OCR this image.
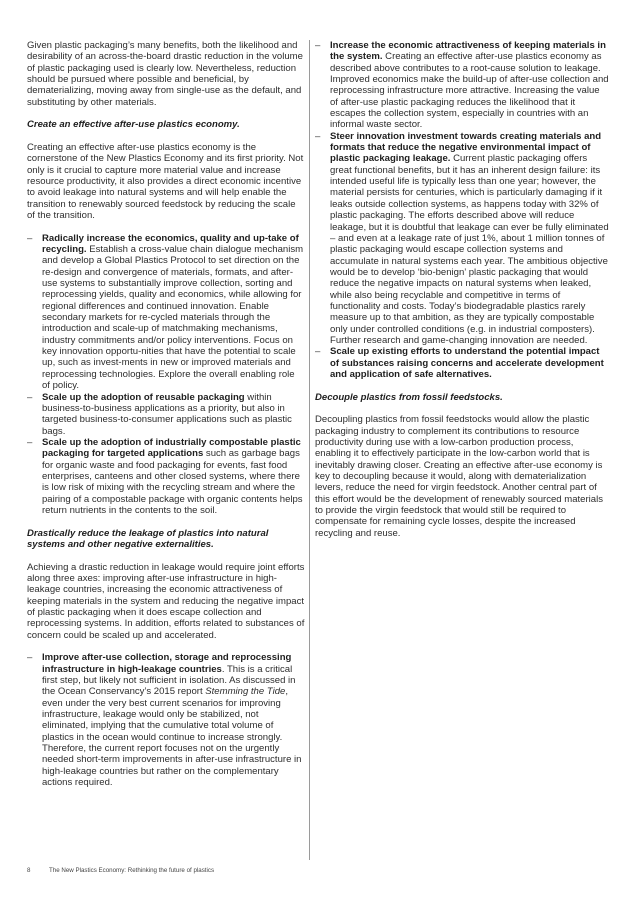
Given plastic packaging’s many benefits, both the likelihood and desirability of an across-the-board drastic reduction in the volume of plastic packaging used is clearly low. Nevertheless, reduction should be pursued where possible and beneficial, by dematerializing, moving away from single-use as the default, and substituting by other materials.

Create an effective after-use plastics economy.

Creating an effective after-use plastics economy is the cornerstone of the New Plastics Economy and its first priority. Not only is it crucial to capture more material value and increase resource productivity, it also provides a direct economic incentive to avoid leakage into natural systems and will help enable the transition to renewably sourced feedstock by reducing the scale of the transition.

– Radically increase the economics, quality and up-take of recycling. Establish a cross-value chain dialogue mechanism and develop a Global Plastics Protocol to set direction on the re-design and convergence of materials, formats, and after-use systems to substantially improve collection, sorting and reprocessing yields, quality and economics, while allowing for regional differences and continued innovation. Enable secondary markets for re-cycled materials through the introduction and scale-up of matchmaking mechanisms, industry commitments and/or policy interventions. Focus on key innovation opportu-nities that have the potential to scale up, such as invest-ments in new or improved materials and reprocessing technologies. Explore the overall enabling role of policy.
– Scale up the adoption of reusable packaging within business-to-business applications as a priority, but also in targeted business-to-consumer applications such as plastic bags.
– Scale up the adoption of industrially compostable plastic packaging for targeted applications such as garbage bags for organic waste and food packaging for events, fast food enterprises, canteens and other closed systems, where there is low risk of mixing with the recycling stream and where the pairing of a compostable package with organic contents helps return nutrients in the contents to the soil.

Drastically reduce the leakage of plastics into natural systems and other negative externalities.

Achieving a drastic reduction in leakage would require joint efforts along three axes: improving after-use infrastructure in high-leakage countries, increasing the economic attractiveness of keeping materials in the system and reducing the negative impact of plastic packaging when it does escape collection and reprocessing systems. In addition, efforts related to substances of concern could be scaled up and accelerated.

– Improve after-use collection, storage and reprocessing infrastructure in high-leakage countries. This is a critical first step, but likely not sufficient in isolation. As discussed in the Ocean Conservancy’s 2015 report Stemming the Tide, even under the very best current scenarios for improving infrastructure, leakage would only be stabilized, not eliminated, implying that the cumulative total volume of plastics in the ocean would continue to increase strongly. Therefore, the current report focuses not on the urgently needed short-term improvements in after-use infrastructure in high-leakage countries but rather on the complementary actions required.
– Increase the economic attractiveness of keeping materials in the system. Creating an effective after-use plastics economy as described above contributes to a root-cause solution to leakage. Improved economics make the build-up of after-use collection and reprocessing infrastructure more attractive. Increasing the value of after-use plastic packaging reduces the likelihood that it escapes the collection system, especially in countries with an informal waste sector.
– Steer innovation investment towards creating materials and formats that reduce the negative environmental impact of plastic packaging leakage. Current plastic packaging offers great functional benefits, but it has an inherent design failure: its intended useful life is typically less than one year; however, the material persists for centuries, which is particularly damaging if it leaks outside collection systems, as happens today with 32% of plastic packaging. The efforts described above will reduce leakage, but it is doubtful that leakage can ever be fully eliminated – and even at a leakage rate of just 1%, about 1 million tonnes of plastic packaging would escape collection systems and accumulate in natural systems each year. The ambitious objective would be to develop ‘bio-benign’ plastic packaging that would reduce the negative impacts on natural systems when leaked, while also being recyclable and competitive in terms of functionality and costs. Today’s biodegradable plastics rarely measure up to that ambition, as they are typically compostable only under controlled conditions (e.g. in industrial composters). Further research and game-changing innovation are needed.
– Scale up existing efforts to understand the potential impact of substances raising concerns and accelerate development and application of safe alternatives.

Decouple plastics from fossil feedstocks.

Decoupling plastics from fossil feedstocks would allow the plastic packaging industry to complement its contributions to resource productivity during use with a low-carbon production process, enabling it to effectively participate in the low-carbon world that is inevitably drawing closer. Creating an effective after-use economy is key to decoupling because it would, along with dematerialization levers, reduce the need for virgin feedstock. Another central part of this effort would be the development of renewably sourced materials to provide the virgin feedstock that would still be required to compensate for remaining cycle losses, despite the increased recycling and reuse.

8	The New Plastics Economy: Rethinking the future of plastics
